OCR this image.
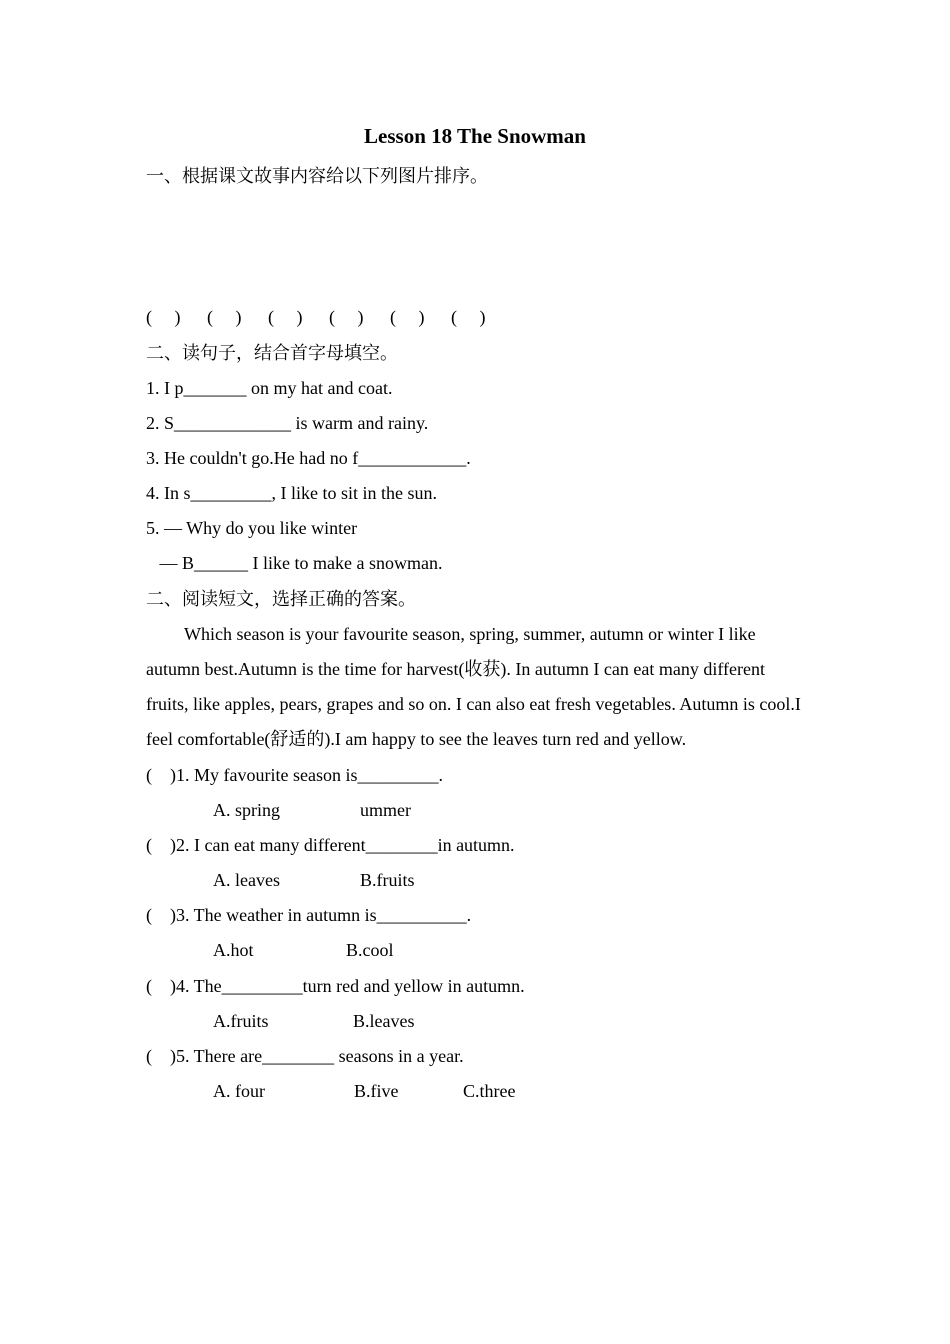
Lesson 18 The Snowman
一、根据课文故事内容给以下列图片排序。
(     )	(     )	(     )	(     )	(     )	(     )
二、读句子，结合首字母填空。
1. I p_______ on my hat and coat.
2. S_____________ is warm and rainy.
3. He couldn't go.He had no f____________.
4. In s_________, I like to sit in the sun.
5. — Why do you like winter
— B______ I like to make a snowman.
二、阅读短文，选择正确的答案。
Which season is your favourite season, spring, summer, autumn or winter I like autumn best.Autumn is the time for harvest(收获). In autumn I can eat many different fruits, like apples, pears, grapes and so on. I can also eat fresh vegetables. Autumn is cool.I feel comfortable(舒适的).I am happy to see the leaves turn red and yellow.
(    )1. My favourite season is_________.
A. spring	ummer
(    )2. I can eat many different________in autumn.
A. leaves	B.fruits
(    )3. The weather in autumn is__________.
A.hot	B.cool
(    )4. The_________turn red and yellow in autumn.
A.fruits	B.leaves
(    )5. There are________ seasons in a year.
A. four	B.five	C.three
